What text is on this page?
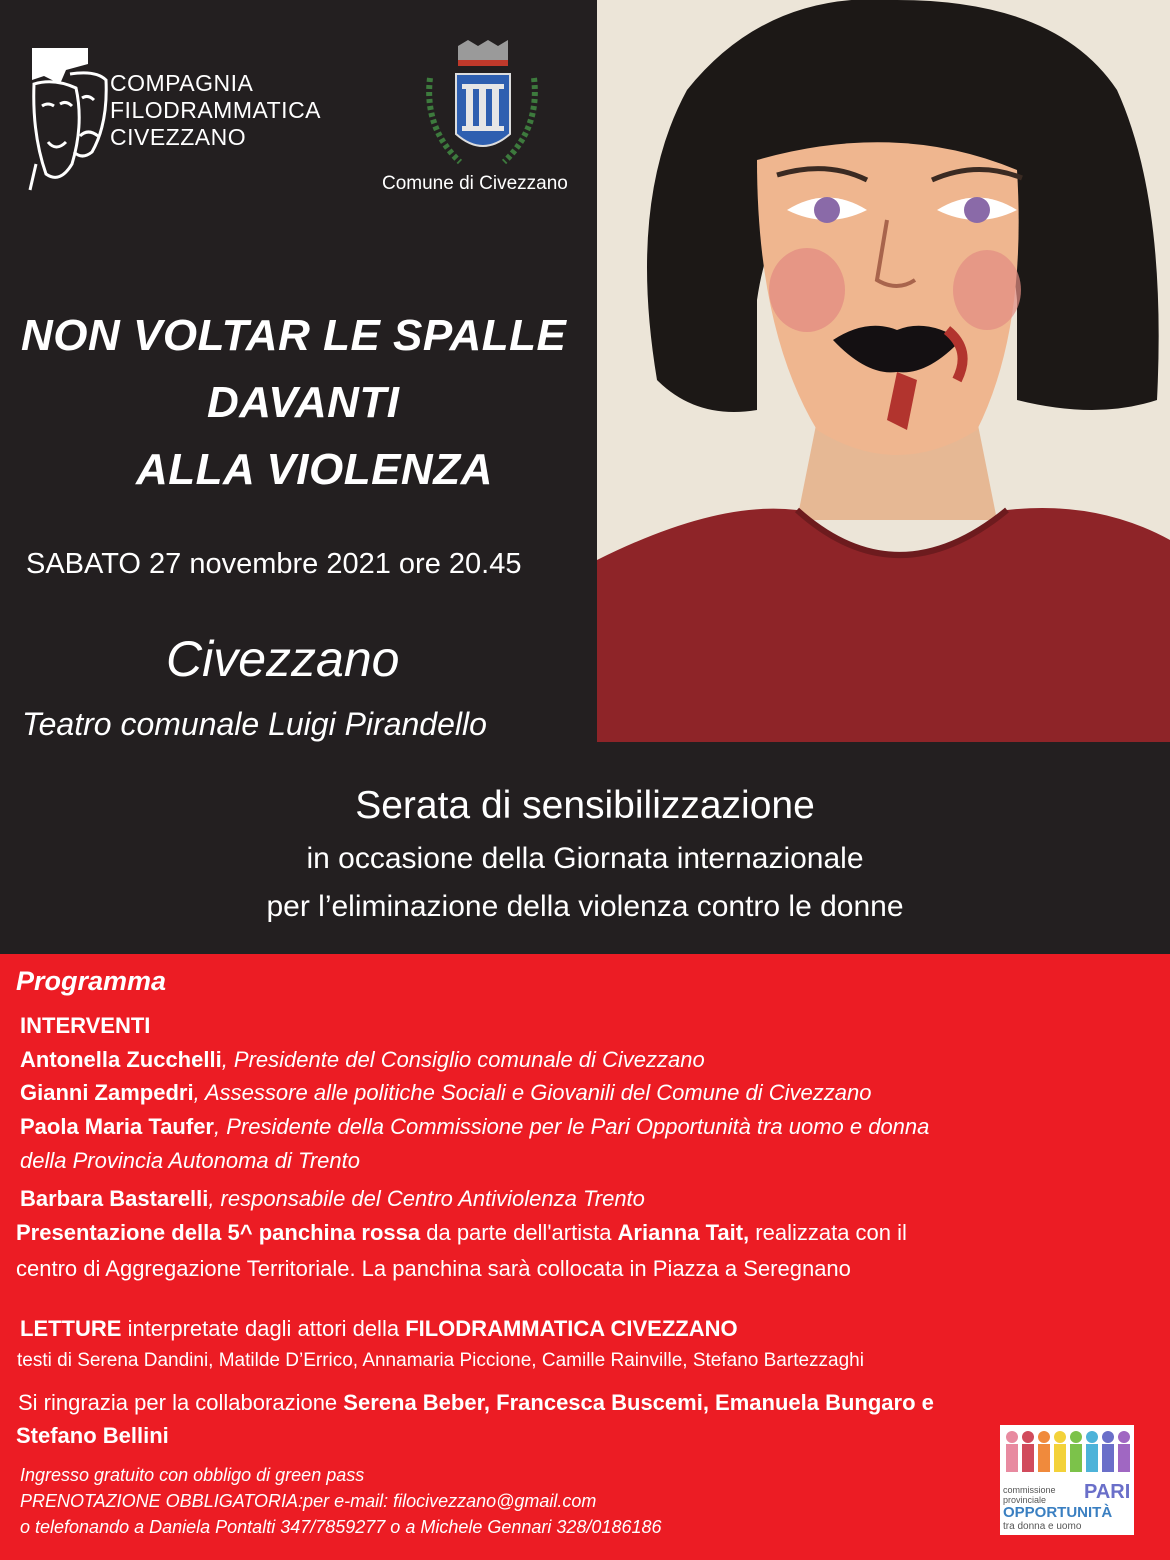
COMPAGNIA
FILODRAMMATICA
CIVEZZANO
Comune di Civezzano
NON VOLTAR LE SPALLE
DAVANTI
ALLA VIOLENZA
SABATO 27 novembre 2021 ore 20.45
Civezzano
Teatro comunale Luigi Pirandello
Serata di sensibilizzazione
in occasione della Giornata internazionale
per l’eliminazione della violenza contro le donne
Programma
INTERVENTI
Antonella Zucchelli, Presidente del Consiglio comunale di Civezzano
Gianni Zampedri, Assessore alle politiche Sociali e Giovanili del Comune di Civezzano
Paola Maria Taufer, Presidente della Commissione per le Pari Opportunità tra uomo e donna
della Provincia Autonoma di Trento
Barbara Bastarelli, responsabile del Centro Antiviolenza Trento
Presentazione della 5^ panchina rossa da parte dell'artista Arianna Tait, realizzata con il
centro di Aggregazione Territoriale. La panchina sarà collocata in Piazza a Seregnano
LETTURE interpretate dagli attori della FILODRAMMATICA CIVEZZANO
testi di Serena Dandini, Matilde D’Errico, Annamaria Piccione, Camille Rainville, Stefano Bartezzaghi
Si ringrazia per la collaborazione Serena Beber, Francesca Buscemi, Emanuela Bungaro e
Stefano Bellini
Ingresso gratuito con obbligo di green pass
PRENOTAZIONE OBBLIGATORIA:per e-mail: filocivezzano@gmail.com
o telefonando a Daniela Pontalti 347/7859277 o a Michele Gennari 328/0186186
commissione
provinciale	PARI
OPPORTUNITÀ
tra donna e uomo
